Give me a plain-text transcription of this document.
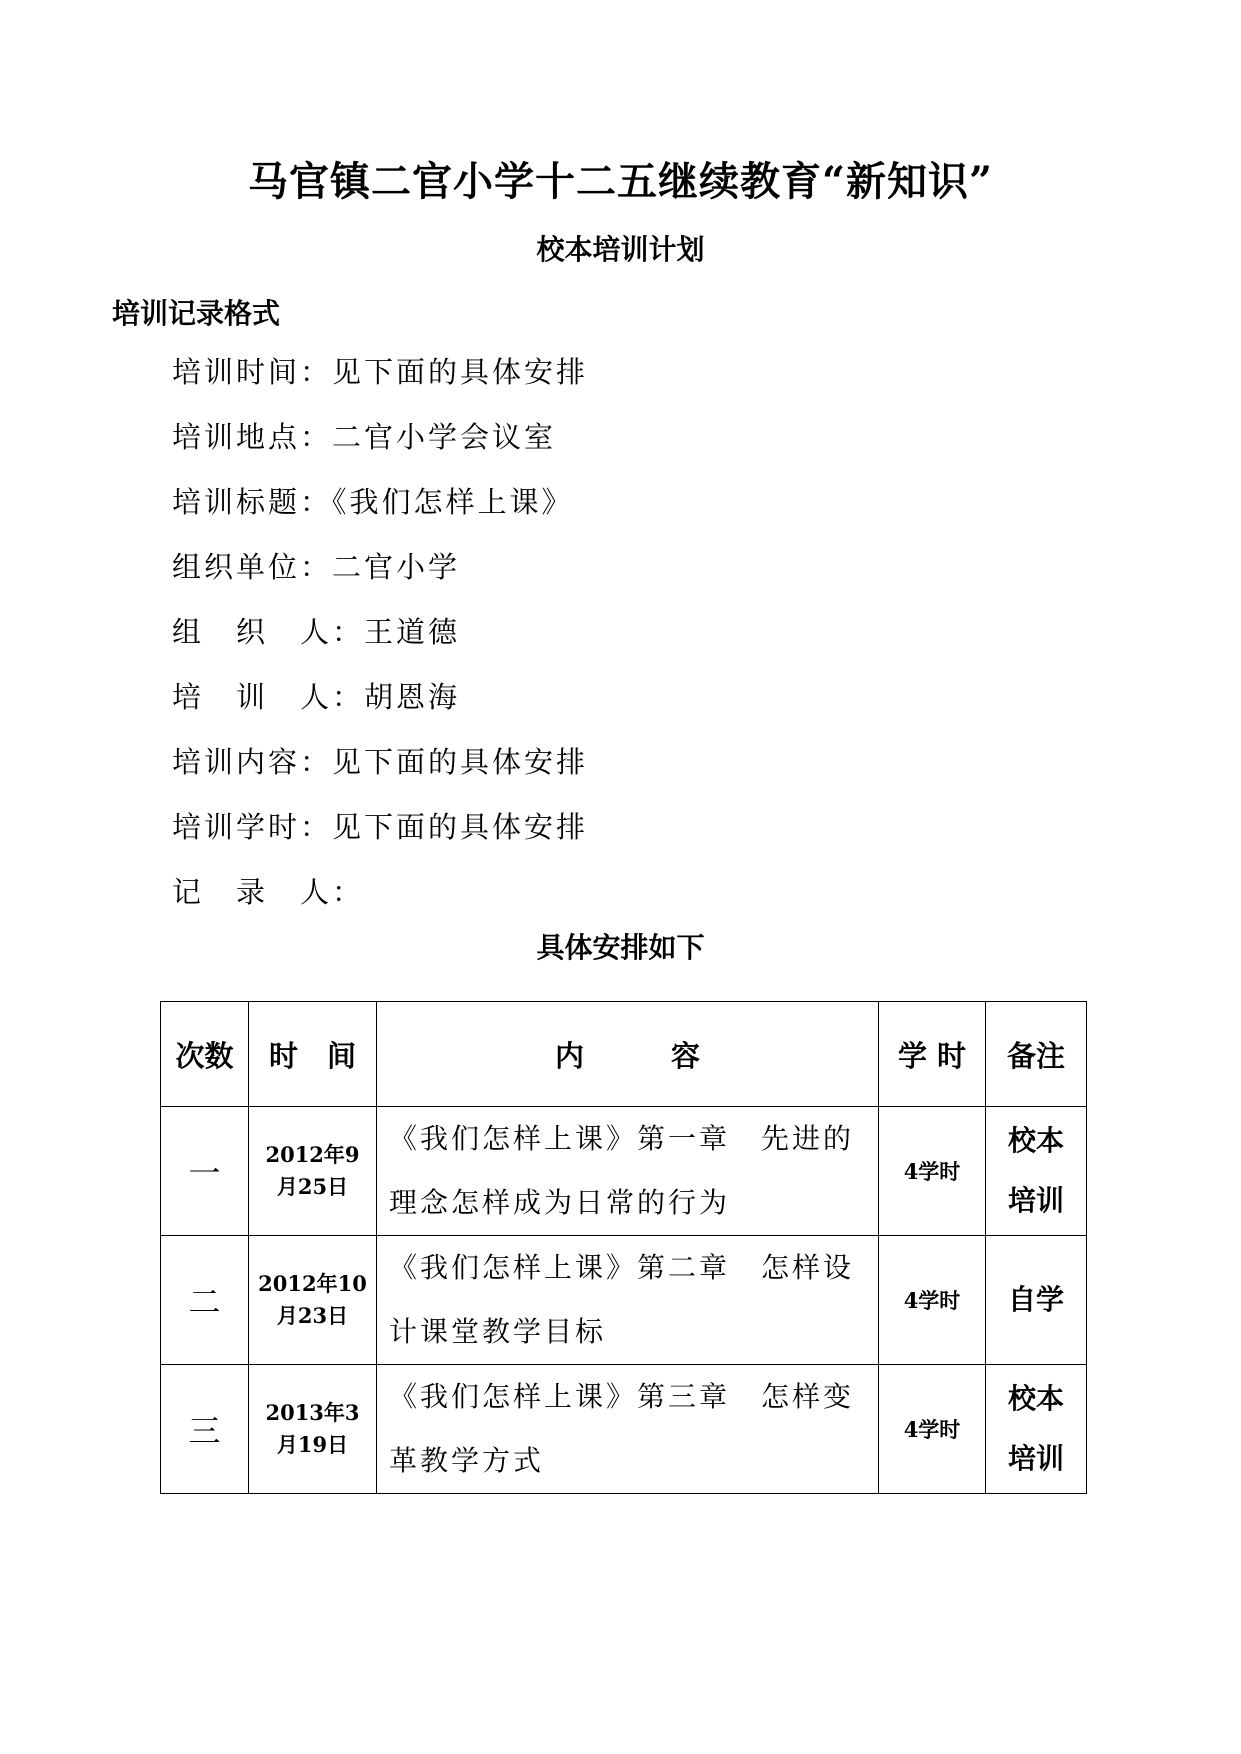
马官镇二官小学十二五继续教育“新知识”
校本培训计划
培训记录格式
培训时间：见下面的具体安排
培训地点：二官小学会议室
培训标题：《我们怎样上课》
组织单位：二官小学
组　织　人：王道德
培　训　人：胡恩海
培训内容：见下面的具体安排
培训学时：见下面的具体安排
记　录　人：
具体安排如下
次数	时　间	内　　　容	学 时	备注
一	2012年9月25日	《我们怎样上课》第一章　先进的理念怎样成为日常的行为	4学时	校本培训
二	2012年10月23日	《我们怎样上课》第二章　怎样设计课堂教学目标	4学时	自学
三	2013年3月19日	《我们怎样上课》第三章　怎样变革教学方式	4学时	校本培训
